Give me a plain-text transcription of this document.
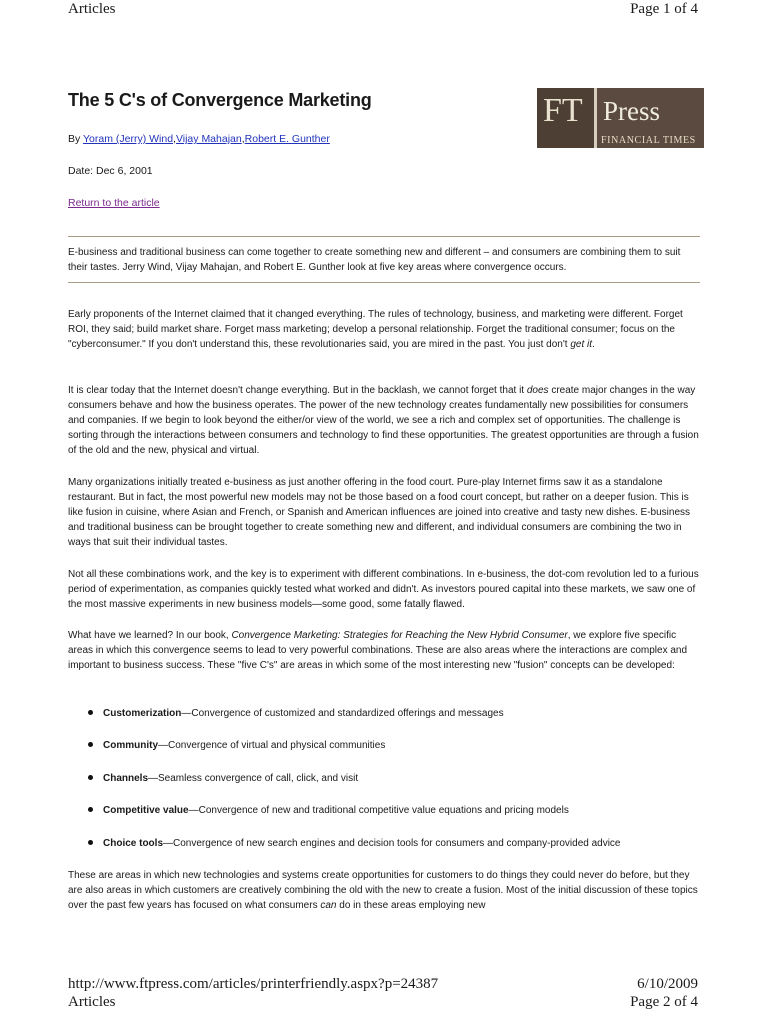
Articles	Page 1 of 4
The 5 C's of Convergence Marketing	FT Press
FINANCIAL TIMES
By Yoram (Jerry) Wind,Vijay Mahajan,Robert E. Gunther
Date: Dec 6, 2001
Return to the article
E-business and traditional business can come together to create something new and different – and consumers are combining them to suit their tastes. Jerry Wind, Vijay Mahajan, and Robert E. Gunther look at five key areas where convergence occurs.
Early proponents of the Internet claimed that it changed everything. The rules of technology, business, and marketing were different. Forget ROI, they said; build market share. Forget mass marketing; develop a personal relationship. Forget the traditional consumer; focus on the "cyberconsumer." If you don't understand this, these revolutionaries said, you are mired in the past. You just don't get it.
It is clear today that the Internet doesn't change everything. But in the backlash, we cannot forget that it does create major changes in the way consumers behave and how the business operates. The power of the new technology creates fundamentally new possibilities for consumers and companies. If we begin to look beyond the either/or view of the world, we see a rich and complex set of opportunities. The challenge is sorting through the interactions between consumers and technology to find these opportunities. The greatest opportunities are through a fusion of the old and the new, physical and virtual.
Many organizations initially treated e-business as just another offering in the food court. Pure-play Internet firms saw it as a standalone restaurant. But in fact, the most powerful new models may not be those based on a food court concept, but rather on a deeper fusion. This is like fusion in cuisine, where Asian and French, or Spanish and American influences are joined into creative and tasty new dishes. E-business and traditional business can be brought together to create something new and different, and individual consumers are combining the two in ways that suit their individual tastes.
Not all these combinations work, and the key is to experiment with different combinations. In e-business, the dot-com revolution led to a furious period of experimentation, as companies quickly tested what worked and didn't. As investors poured capital into these markets, we saw one of the most massive experiments in new business models—some good, some fatally flawed.
What have we learned? In our book, Convergence Marketing: Strategies for Reaching the New Hybrid Consumer, we explore five specific areas in which this convergence seems to lead to very powerful combinations. These are also areas where the interactions are complex and important to business success. These "five C's" are areas in which some of the most interesting new "fusion" concepts can be developed:
Customerization—Convergence of customized and standardized offerings and messages
Community—Convergence of virtual and physical communities
Channels—Seamless convergence of call, click, and visit
Competitive value—Convergence of new and traditional competitive value equations and pricing models
Choice tools—Convergence of new search engines and decision tools for consumers and company-provided advice
These are areas in which new technologies and systems create opportunities for customers to do things they could never do before, but they are also areas in which customers are creatively combining the old with the new to create a fusion. Most of the initial discussion of these topics over the past few years has focused on what consumers can do in these areas employing new
http://www.ftpress.com/articles/printerfriendly.aspx?p=24387	6/10/2009
Articles	Page 2 of 4
